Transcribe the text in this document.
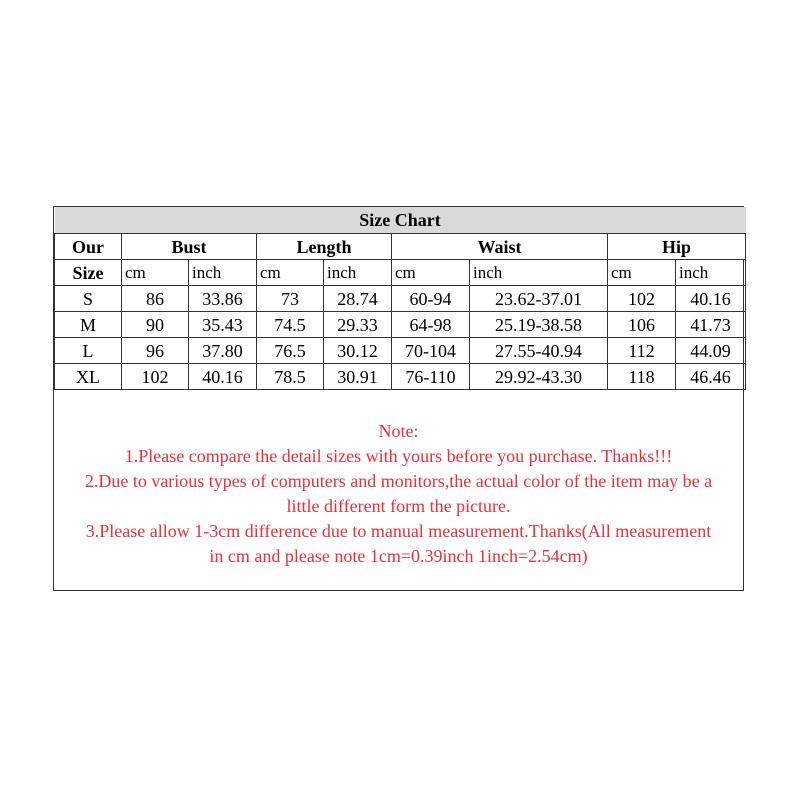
Size Chart								
Our	Bust		Length		Waist		Hip	
Size	cm	inch	cm	inch	cm	inch	cm	inch
S	86	33.86	73	28.74	60-94	23.62-37.01	102	40.16
M	90	35.43	74.5	29.33	64-98	25.19-38.58	106	41.73
L	96	37.80	76.5	30.12	70-104	27.55-40.94	112	44.09
XL	102	40.16	78.5	30.91	76-110	29.92-43.30	118	46.46
Note:
1.Please compare the detail sizes with yours before you purchase. Thanks!!!
2.Due to various types of computers and monitors,the actual color of the item may be a
little different form the picture.
3.Please allow 1-3cm difference due to manual measurement.Thanks(All measurement
in cm and please note 1cm=0.39inch 1inch=2.54cm)
